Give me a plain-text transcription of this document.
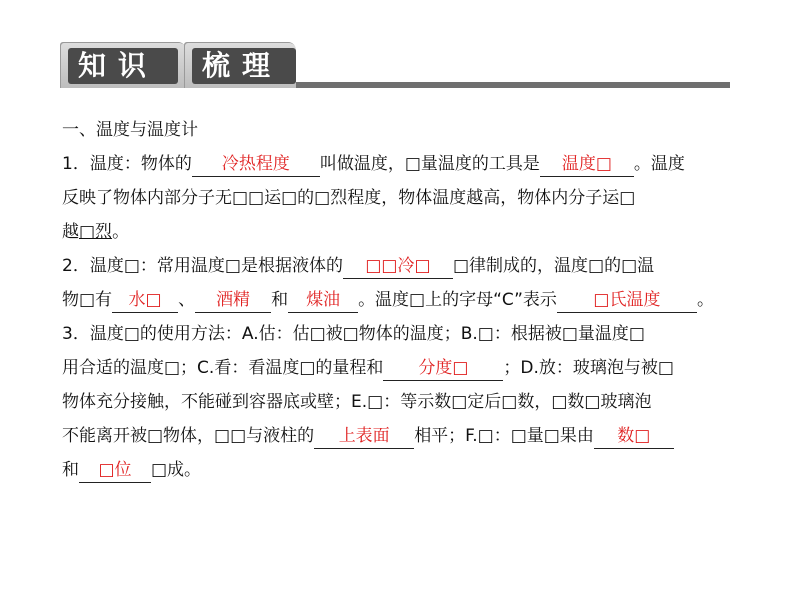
知识	梳理
一、温度与温度计
1．温度：物体的 冷热程度 叫做温度，□量温度的工具是 温度□ 。温度
反映了物体内部分子无□□运□的□烈程度，物体温度越高，物体内分子运□
越□烈。
2．温度□：常用温度□是根据液体的 □□冷□ □律制成的，温度□的□温
物□有 水□ 、 酒精 和 煤油 。温度□上的字母“C”表示 □氏温度 。
3．温度□的使用方法：A.估：估□被□物体的温度；B.□：根据被□量温度□
用合适的温度□；C.看：看温度□的量程和 分度□ ；D.放：玻璃泡与被□
物体充分接触，不能碰到容器底或壁；E.□：等示数□定后□数，□数□玻璃泡
不能离开被□物体，□□与液柱的 上表面 相平；F.□：□量□果由 数□
和 □位 □成。
